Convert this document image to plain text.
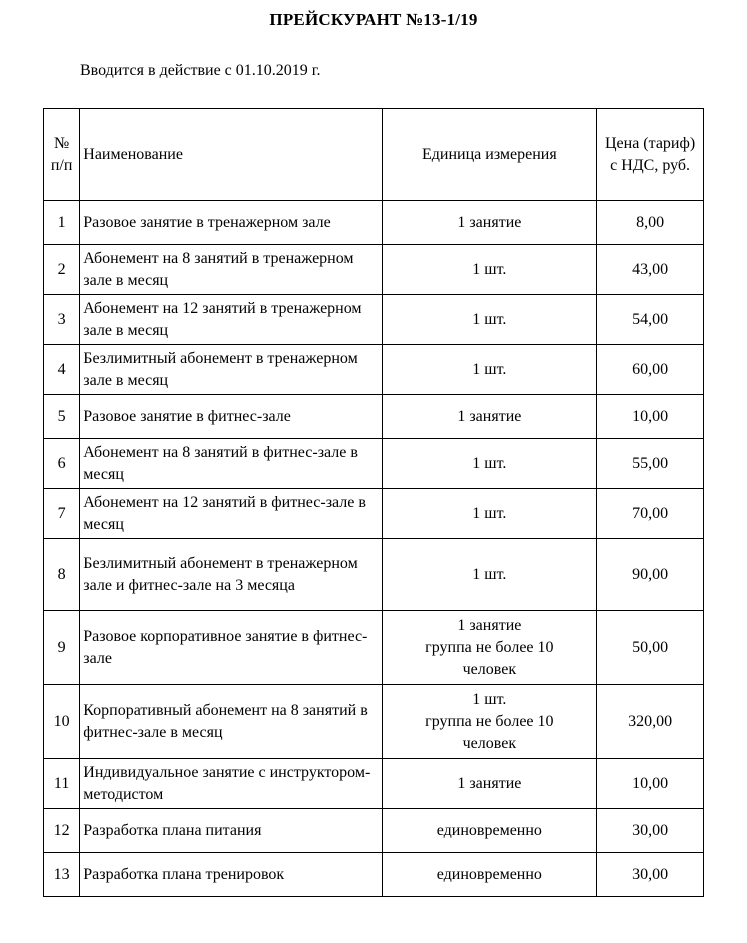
ПРЕЙСКУРАНТ №13-1/19
Вводится в действие с 01.10.2019 г.
№ п/п	Наименование	Единица измерения	Цена (тариф) с НДС, руб.
1	Разовое занятие в тренажерном зале	1 занятие	8,00
2	Абонемент на 8 занятий в тренажерном зале в месяц	1 шт.	43,00
3	Абонемент на 12 занятий в тренажерном зале в месяц	1 шт.	54,00
4	Безлимитный абонемент в тренажерном зале в месяц	1 шт.	60,00
5	Разовое занятие в фитнес-зале	1 занятие	10,00
6	Абонемент на 8 занятий в фитнес-зале в месяц	1 шт.	55,00
7	Абонемент на 12 занятий в фитнес-зале в месяц	1 шт.	70,00
8	Безлимитный абонемент в тренажерном зале и фитнес-зале на 3 месяца	1 шт.	90,00
9	Разовое корпоративное занятие в фитнес-зале	1 занятие
группа не более 10
человек	50,00
10	Корпоративный абонемент на 8 занятий в фитнес-зале в месяц	1 шт.
группа не более 10
человек	320,00
11	Индивидуальное занятие с инструктором-методистом	1 занятие	10,00
12	Разработка плана питания	единовременно	30,00
13	Разработка плана тренировок	единовременно	30,00
